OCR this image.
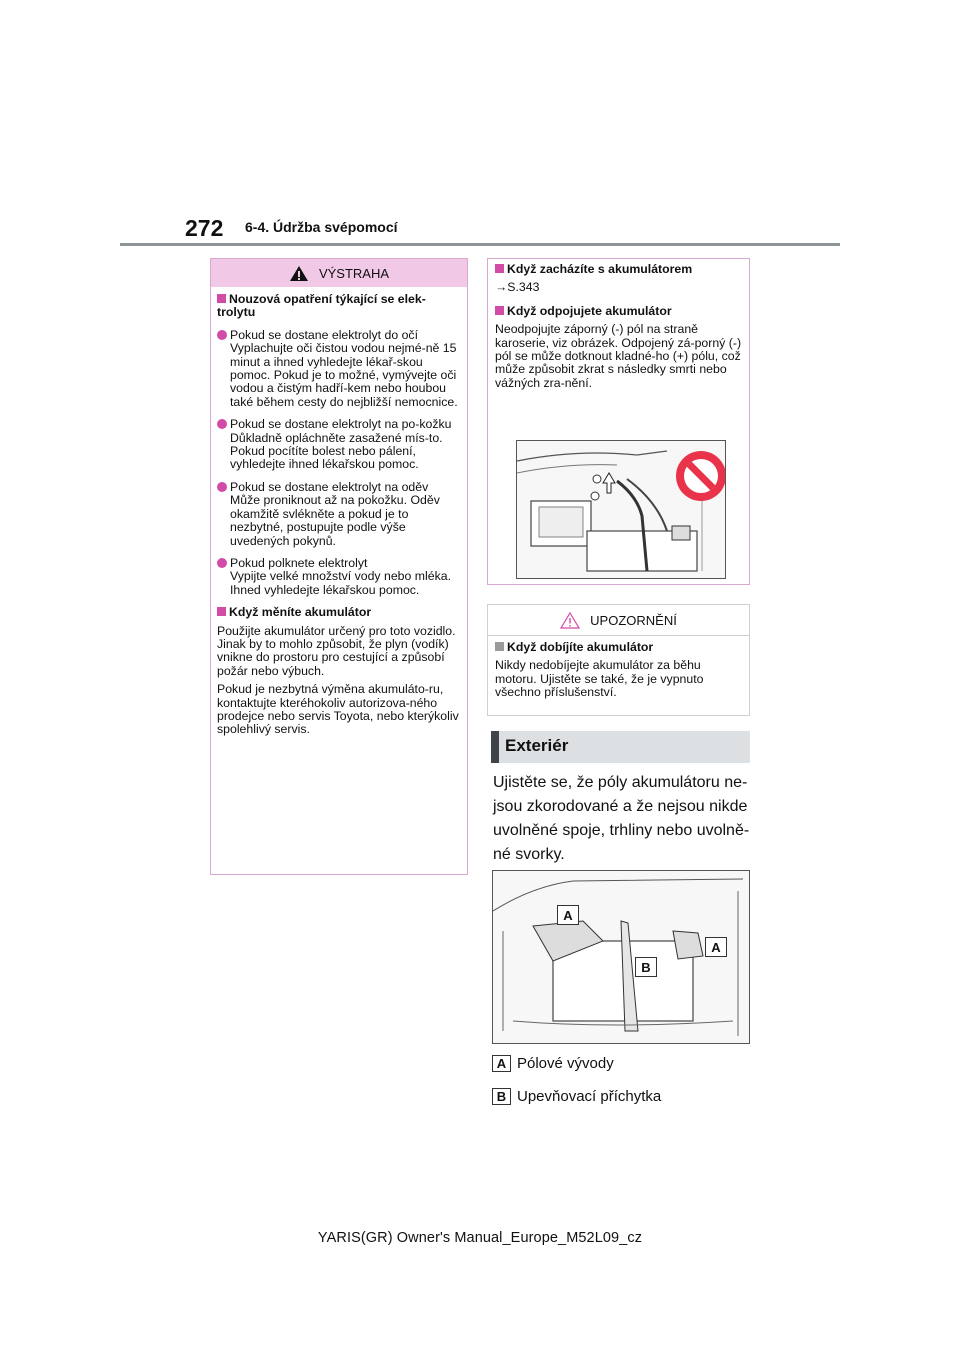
272 6-4. Údržba svépomocí
VÝSTRAHA
Nouzová opatření týkající se elek-trolytu
Pokud se dostane elektrolyt do očí
Vyplachujte oči čistou vodou nejmé-ně 15 minut a ihned vyhledejte lékař-skou pomoc. Pokud je to možné, vymývejte oči vodou a čistým hadří-kem nebo houbou také během cesty do nejbližší nemocnice.
Pokud se dostane elektrolyt na po-kožku
Důkladně opláchněte zasažené mís-to. Pokud pocítíte bolest nebo pálení, vyhledejte ihned lékařskou pomoc.
Pokud se dostane elektrolyt na oděv
Může proniknout až na pokožku. Oděv okamžitě svlékněte a pokud je to nezbytné, postupujte podle výše uvedených pokynů.
Pokud polknete elektrolyt
Vypijte velké množství vody nebo mléka. Ihned vyhledejte lékařskou pomoc.
Když měníte akumulátor
Použijte akumulátor určený pro toto vozidlo. Jinak by to mohlo způsobit, že plyn (vodík) vnikne do prostoru pro cestující a způsobí požár nebo výbuch.
Pokud je nezbytná výměna akumuláto-ru, kontaktujte kteréhokoliv autorizova-ného prodejce nebo servis Toyota, nebo kterýkoliv spolehlivý servis.
Když zacházíte s akumulátorem
→S.343
Když odpojujete akumulátor
Neodpojujte záporný (-) pól na straně karoserie, viz obrázek. Odpojený zá-porný (-) pól se může dotknout kladné-ho (+) pólu, což může způsobit zkrat s následky smrti nebo vážných zra-nění.
UPOZORNĚNÍ
Když dobíjíte akumulátor
Nikdy nedobíjejte akumulátor za běhu motoru. Ujistěte se také, že je vypnuto všechno příslušenství.
Exteriér
Ujistěte se, že póly akumulátoru ne-jsou zkorodované a že nejsou nikde uvolněné spoje, trhliny nebo uvolně-né svorky.
A
A
B
A Pólové vývody
B Upevňovací příchytka
YARIS(GR) Owner's Manual_Europe_M52L09_cz
